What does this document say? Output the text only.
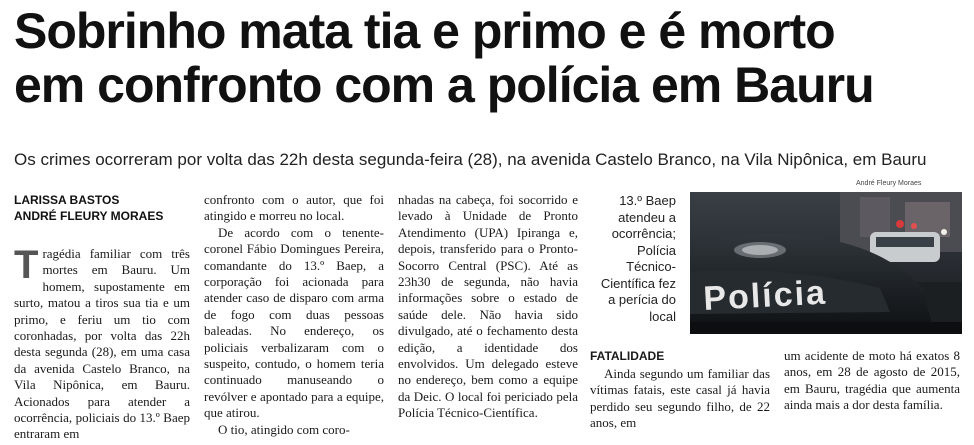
Sobrinho mata tia e primo e é morto
em confronto com a polícia em Bauru
Os crimes ocorreram por volta das 22h desta segunda-feira (28), na avenida Castelo Branco, na Vila Nipônica, em Bauru
LARISSA BASTOS
ANDRÉ FLEURY MORAES
T ragédia familiar com três mortes em Bauru. Um homem, supostamente em surto, matou a tiros sua tia e um primo, e feriu um tio com coronhadas, por volta das 22h desta segunda (28), em uma casa da avenida Castelo Branco, na Vila Nipônica, em Bauru. Acionados para atender a ocorrência, policiais do 13.º Baep entraram em

confronto com o autor, que foi atingido e morreu no local.

De acordo com o tenente-coronel Fábio Domingues Pereira, comandante do 13.º Baep, a corporação foi acionada para atender caso de disparo com arma de fogo com duas pessoas baleadas. No endereço, os policiais verbalizaram com o suspeito, contudo, o homem teria continuado manuseando o revólver e apontado para a equipe, que atirou.

O tio, atingido com coro-

nhadas na cabeça, foi socorrido e levado à Unidade de Pronto Atendimento (UPA) Ipiranga e, depois, transferido para o Pronto-Socorro Central (PSC). Até as 23h30 de segunda, não havia informações sobre o estado de saúde dele. Não havia sido divulgado, até o fechamento desta edição, a identidade dos envolvidos. Um delegado esteve no endereço, bem como a equipe da Deic. O local foi periciado pela Polícia Técnico-Científica.

13.º Baep atendeu a ocorrência; Polícia Técnico-Científica fez a perícia do local
André Fleury Moraes
Polícia
FATALIDADE

Ainda segundo um familiar das vítimas fatais, este casal já havia perdido seu segundo filho, de 22 anos, em

um acidente de moto há exatos 8 anos, em 28 de agosto de 2015, em Bauru, tragédia que aumenta ainda mais a dor desta família.
